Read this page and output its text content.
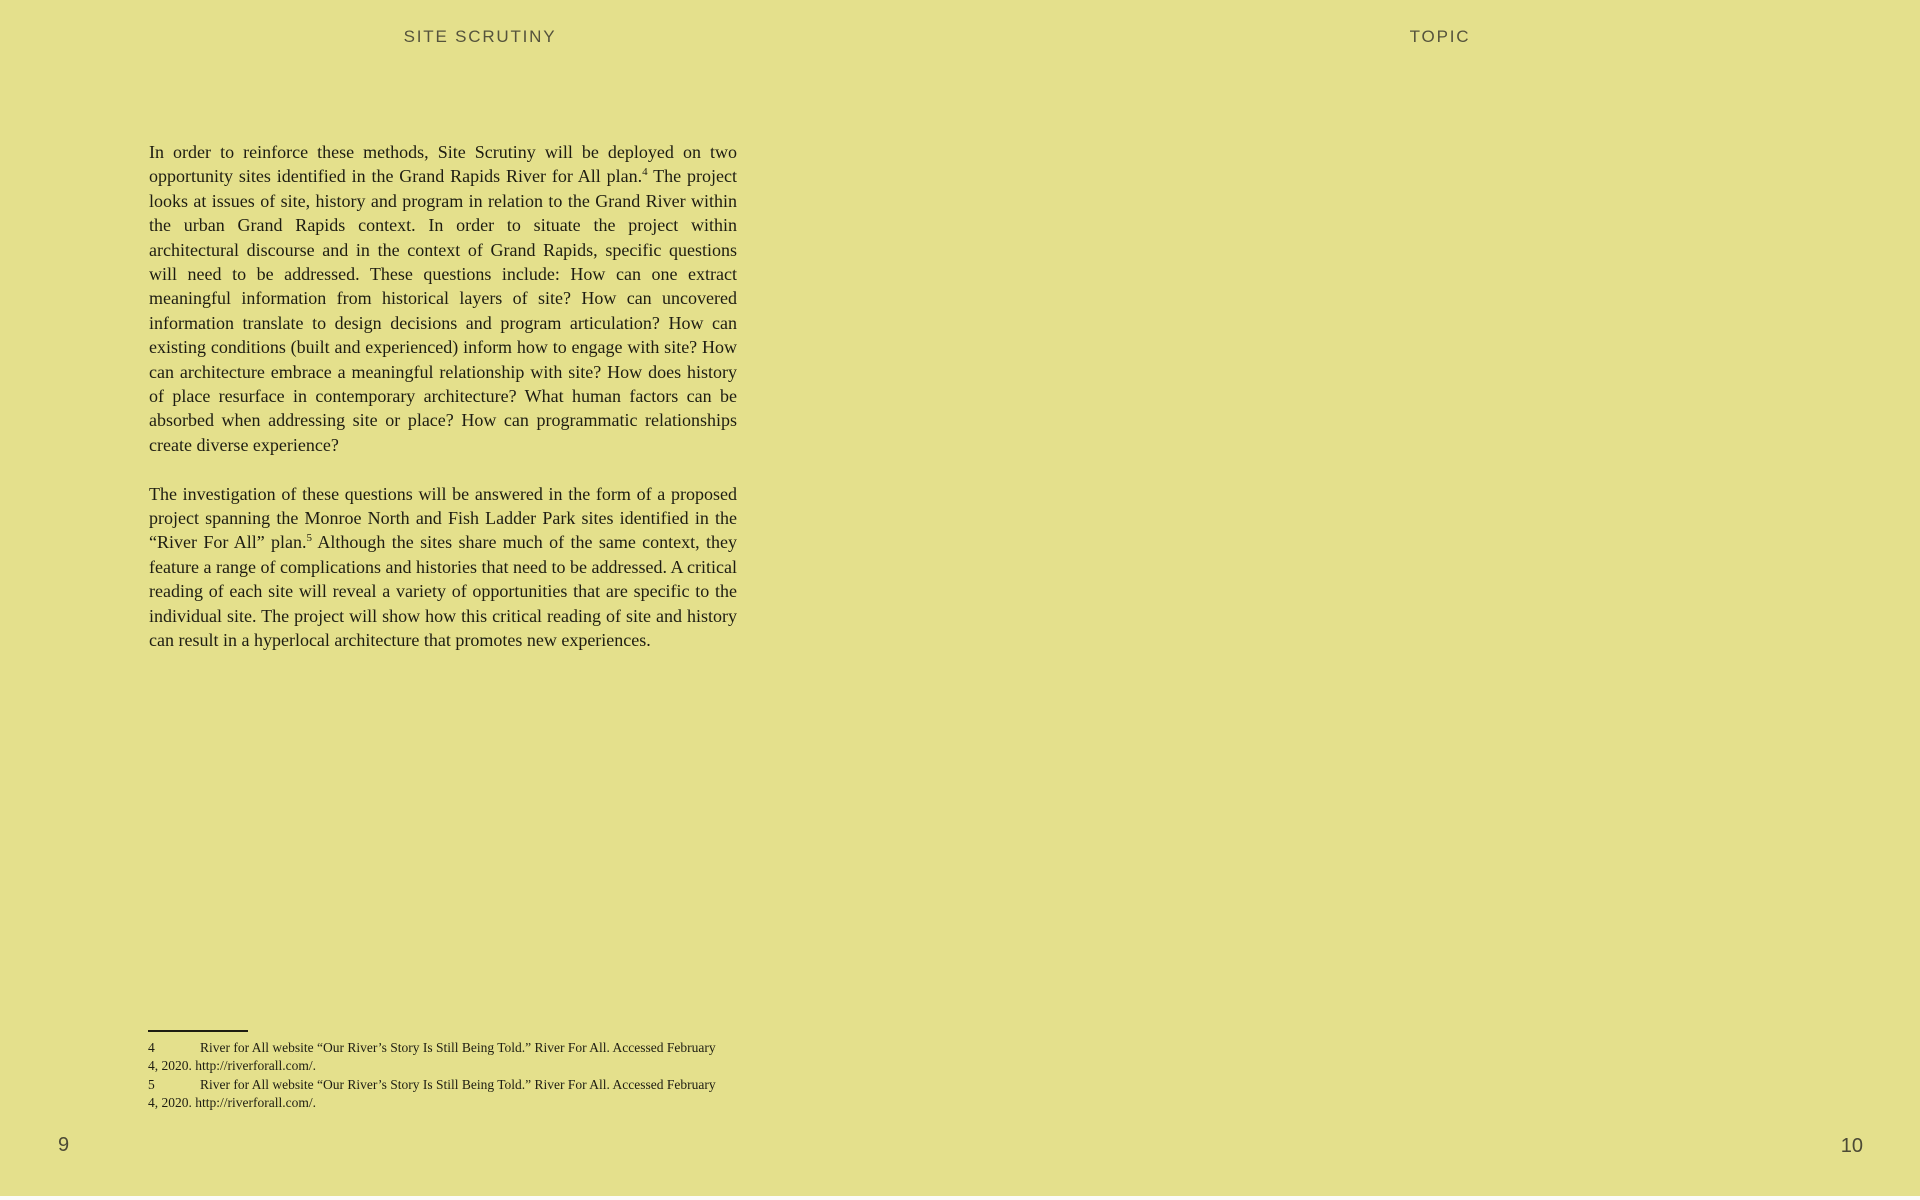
SITE SCRUTINY

In order to reinforce these methods, Site Scrutiny will be deployed on two opportunity sites identified in the Grand Rapids River for All plan.$^4$ The project looks at issues of site, history and program in relation to the Grand River within the urban Grand Rapids context. In order to situate the project within architectural discourse and in the context of Grand Rapids, specific questions will need to be addressed. These questions include: How can one extract meaningful information from historical layers of site? How can uncovered information translate to design decisions and program articulation? How can existing conditions (built and experienced) inform how to engage with site? How can architecture embrace a meaningful relationship with site? How does history of place resurface in contemporary architecture? What human factors can be absorbed when addressing site or place? How can programmatic relationships create diverse experience?

The investigation of these questions will be answered in the form of a proposed project spanning the Monroe North and Fish Ladder Park sites identified in the “River For All” plan.$^5$ Although the sites share much of the same context, they feature a range of complications and histories that need to be addressed. A critical reading of each site will reveal a variety of opportunities that are specific to the individual site. The project will show how this critical reading of site and history can result in a hyperlocal architecture that promotes new experiences.

4	River for All website “Our River’s Story Is Still Being Told.” River For All. Accessed February 4, 2020. http://riverforall.com/.

5	River for All website “Our River’s Story Is Still Being Told.” River For All. Accessed February 4, 2020. http://riverforall.com/.

9
TOPIC
10
